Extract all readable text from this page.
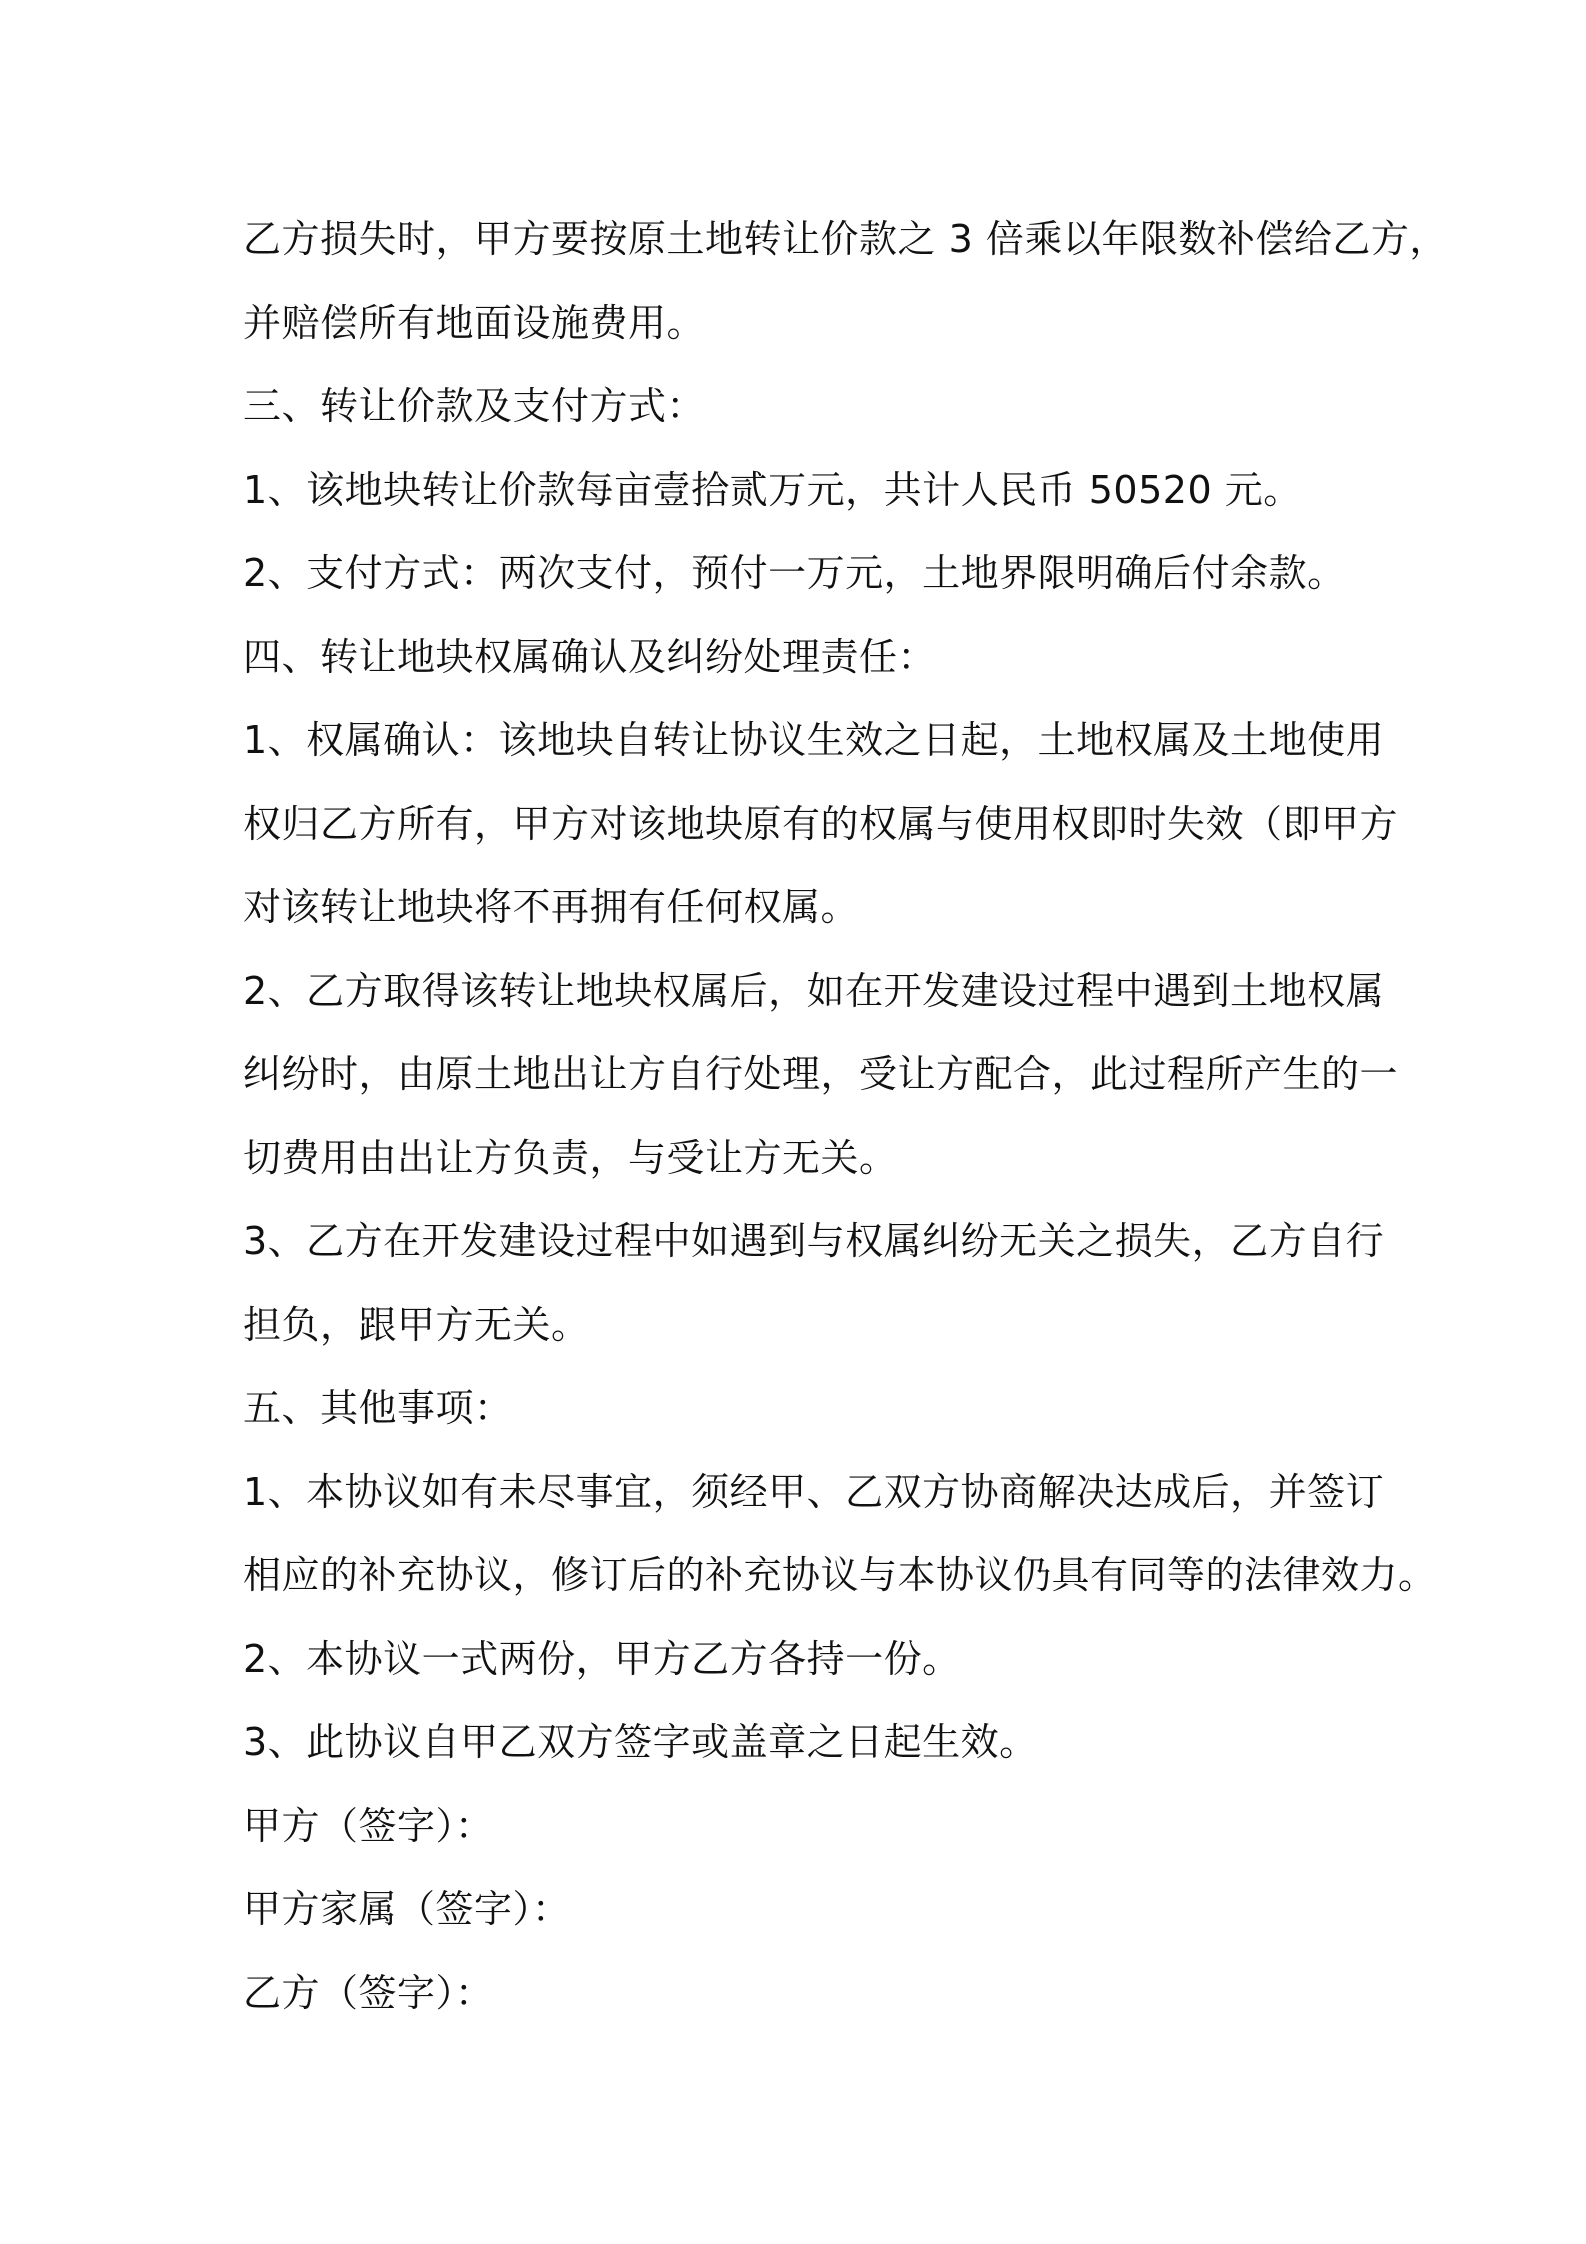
乙方损失时，甲方要按原土地转让价款之 3 倍乘以年限数补偿给乙方，
并赔偿所有地面设施费用。
三、转让价款及支付方式：
1、该地块转让价款每亩壹拾贰万元，共计人民币 50520 元。
2、支付方式：两次支付，预付一万元，土地界限明确后付余款。
四、转让地块权属确认及纠纷处理责任：
1、权属确认：该地块自转让协议生效之日起，土地权属及土地使用
权归乙方所有，甲方对该地块原有的权属与使用权即时失效（即甲方
对该转让地块将不再拥有任何权属。
2、乙方取得该转让地块权属后，如在开发建设过程中遇到土地权属
纠纷时，由原土地出让方自行处理，受让方配合，此过程所产生的一
切费用由出让方负责，与受让方无关。
3、乙方在开发建设过程中如遇到与权属纠纷无关之损失，乙方自行
担负，跟甲方无关。
五、其他事项：
1、本协议如有未尽事宜，须经甲、乙双方协商解决达成后，并签订
相应的补充协议，修订后的补充协议与本协议仍具有同等的法律效力。
2、本协议一式两份，甲方乙方各持一份。
3、此协议自甲乙双方签字或盖章之日起生效。
甲方（签字）：
甲方家属（签字）：
乙方（签字）：
